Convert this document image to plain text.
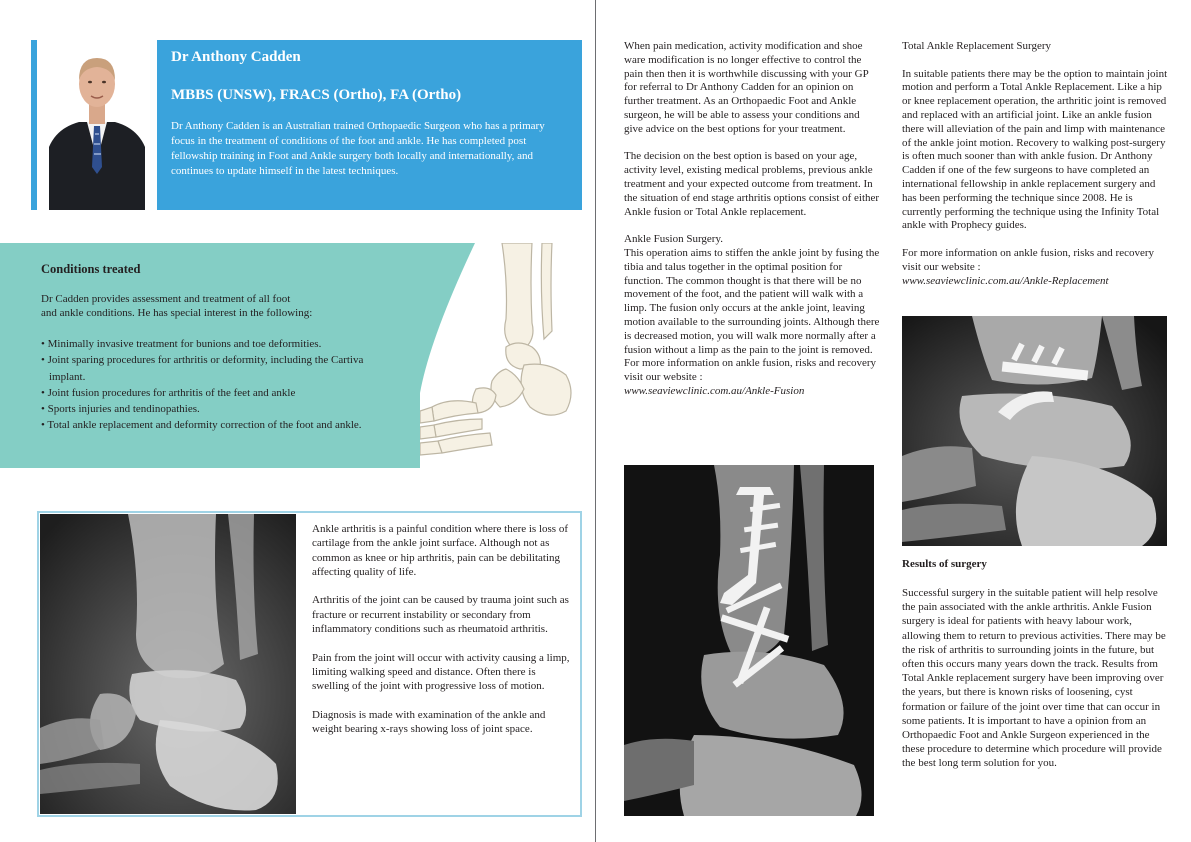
Dr Anthony Cadden
MBBS (UNSW), FRACS (Ortho), FA (Ortho)
Dr Anthony Cadden is an Australian trained Orthopaedic Surgeon who has a primary focus in the treatment of conditions of the foot and ankle. He has completed post fellowship training in Foot and Ankle surgery both locally and internationally, and continues to update himself in the latest techniques.
Conditions treated
Dr Cadden provides assessment and treatment of all foot
and ankle conditions. He has special interest in the following:
• Minimally invasive treatment for bunions and toe deformities.
• Joint sparing procedures for arthritis or deformity, including the Cartiva implant.
• Joint fusion procedures for arthritis of the feet and ankle
• Sports injuries and tendinopathies.
• Total ankle replacement and deformity correction of the foot and ankle.

Ankle arthritis is a painful condition where there is loss of cartilage from the ankle joint surface. Although not as common as knee or hip arthritis, pain can be debilitating affecting quality of life.

Arthritis of the joint can be caused by trauma joint such as fracture or recurrent instability or secondary from inflammatory conditions such as rheumatoid arthritis.

Pain from the joint will occur with activity causing a limp, limiting walking speed and distance. Often there is swelling of the joint with progressive loss of motion.

Diagnosis is made with examination of the ankle and weight bearing x-rays showing loss of joint space.

When pain medication, activity modification and shoe ware modification is no longer effective to control the pain then then it is worthwhile discussing with your GP for referral to Dr Anthony Cadden for an opinion on further treatment. As an Orthopaedic Foot and Ankle surgeon, he will be able to assess your conditions and give advice on the best options for your treatment.

The decision on the best option is based on your age, activity level, existing medical problems, previous ankle treatment and your expected outcome from treatment. In the situation of end stage arthritis options consist of either Ankle fusion or Total Ankle replacement.

Ankle Fusion Surgery.
This operation aims to stiffen the ankle joint by fusing the tibia and talus together in the optimal position for function. The common thought is that there will be no movement of the foot, and the patient will walk with a limp. The fusion only occurs at the ankle joint, leaving motion available to the surrounding joints. Although there is decreased motion, you will walk more normally after a fusion without a limp as the pain to the joint is removed. For more information on ankle fusion, risks and recovery visit our website :
www.seaviewclinic.com.au/Ankle-Fusion

Total Ankle Replacement Surgery

In suitable patients there may be the option to maintain joint motion and perform a Total Ankle Replacement. Like a hip or knee replacement operation, the arthritic joint is removed and replaced with an artificial joint. Like an ankle fusion there will alleviation of the pain and limp with maintenance of the ankle joint motion. Recovery to walking post-surgery is often much sooner than with ankle fusion. Dr Anthony Cadden if one of the few surgeons to have completed an international fellowship in ankle replacement surgery and has been performing the technique since 2008. He is currently performing the technique using the Infinity Total ankle with Prophecy guides.

For more information on ankle fusion, risks and recovery visit our website :
www.seaviewclinic.com.au/Ankle-Replacement
Results of surgery
Successful surgery in the suitable patient will help resolve the pain associated with the ankle arthritis. Ankle Fusion surgery is ideal for patients with heavy labour work, allowing them to return to previous activities. There may be the risk of arthritis to surrounding joints in the future, but often this occurs many years down the track. Results from Total Ankle replacement surgery have been improving over the years, but there is known risks of loosening, cyst formation or failure of the joint over time that can occur in some patients. It is important to have a opinion from an Orthopaedic Foot and Ankle Surgeon experienced in the these procedure to determine which procedure will provide the best long term solution for you.
